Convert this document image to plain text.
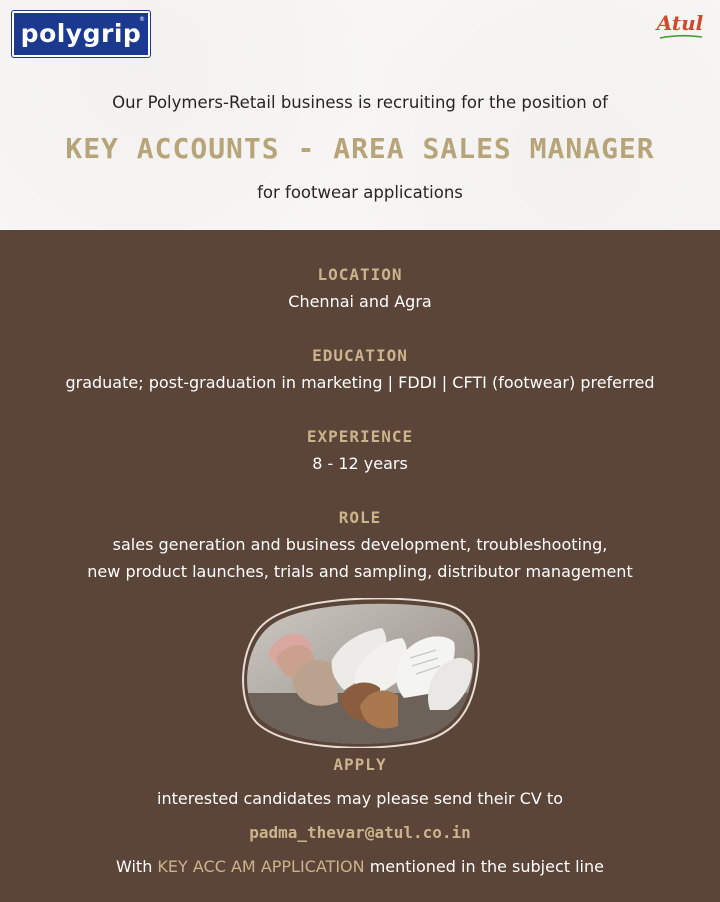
polygrip
®	Atul
Our Polymers-Retail business is recruiting for the position of
KEY ACCOUNTS - AREA SALES MANAGER
for footwear applications
LOCATION
Chennai and Agra
EDUCATION
graduate; post-graduation in marketing | FDDI | CFTI (footwear) preferred
EXPERIENCE
8 - 12 years
ROLE
sales generation and business development, troubleshooting,
new product launches, trials and sampling, distributor management
APPLY
interested candidates may please send their CV to
padma_thevar@atul.co.in
With KEY ACC AM APPLICATION mentioned in the subject line
